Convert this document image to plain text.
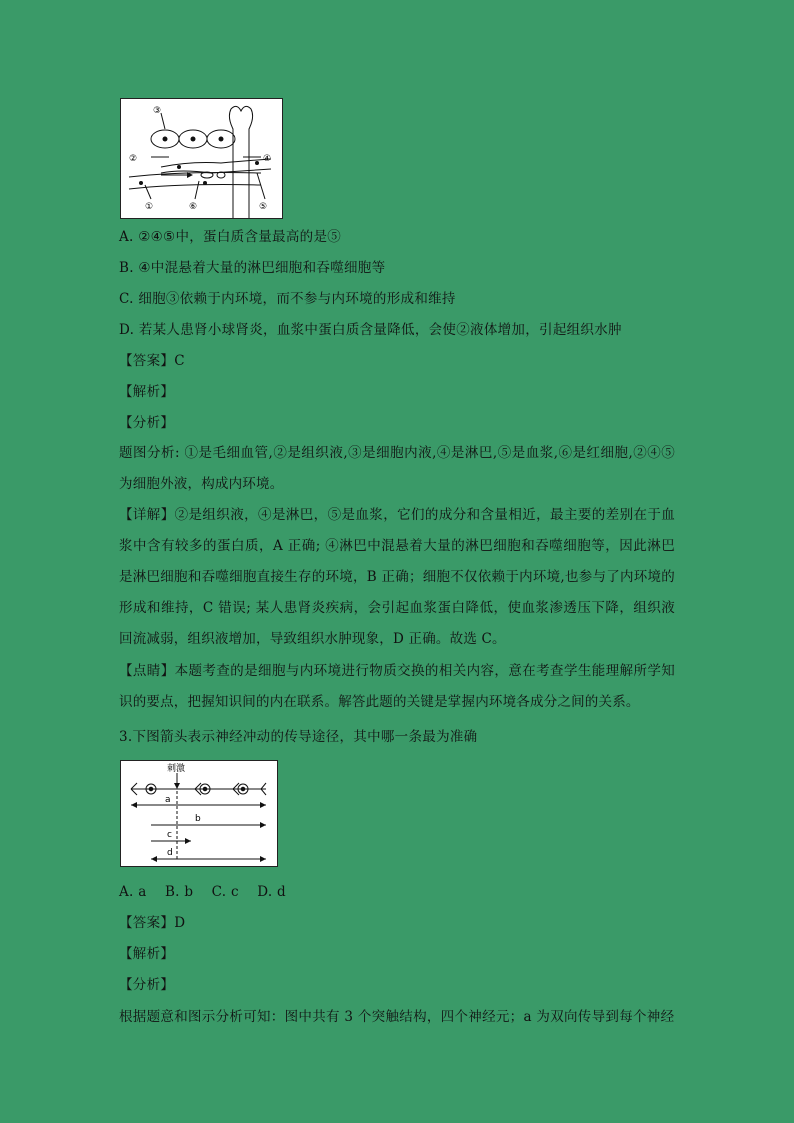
③
②	④
①	⑥	⑤
A. ②④⑤中，蛋白质含量最高的是⑤
B. ④中混悬着大量的淋巴细胞和吞噬细胞等
C. 细胞③依赖于内环境，而不参与内环境的形成和维持
D. 若某人患肾小球肾炎，血浆中蛋白质含量降低，会使②液体增加，引起组织水肿
【答案】C
【解析】
【分析】
题图分析: ①是毛细血管,②是组织液,③是细胞内液,④是淋巴,⑤是血浆,⑥是红细胞,②④⑤为细胞外液，构成内环境。
【详解】②是组织液，④是淋巴，⑤是血浆，它们的成分和含量相近，最主要的差别在于血浆中含有较多的蛋白质，A 正确; ④淋巴中混悬着大量的淋巴细胞和吞噬细胞等，因此淋巴是淋巴细胞和吞噬细胞直接生存的环境，B 正确；细胞不仅依赖于内环境,也参与了内环境的形成和维持，C 错误; 某人患肾炎疾病，会引起血浆蛋白降低，使血浆渗透压下降，组织液回流减弱，组织液增加，导致组织水肿现象，D 正确。故选 C。
【点睛】本题考查的是细胞与内环境进行物质交换的相关内容，意在考查学生能理解所学知识的要点，把握知识间的内在联系。解答此题的关键是掌握内环境各成分之间的关系。
3.下图箭头表示神经冲动的传导途径，其中哪一条最为准确
刺激
a
b
c
d
A. a    B. b    C. c    D. d
【答案】D
【解析】
【分析】
根据题意和图示分析可知：图中共有 3 个突触结构，四个神经元；a 为双向传导到每个神经
